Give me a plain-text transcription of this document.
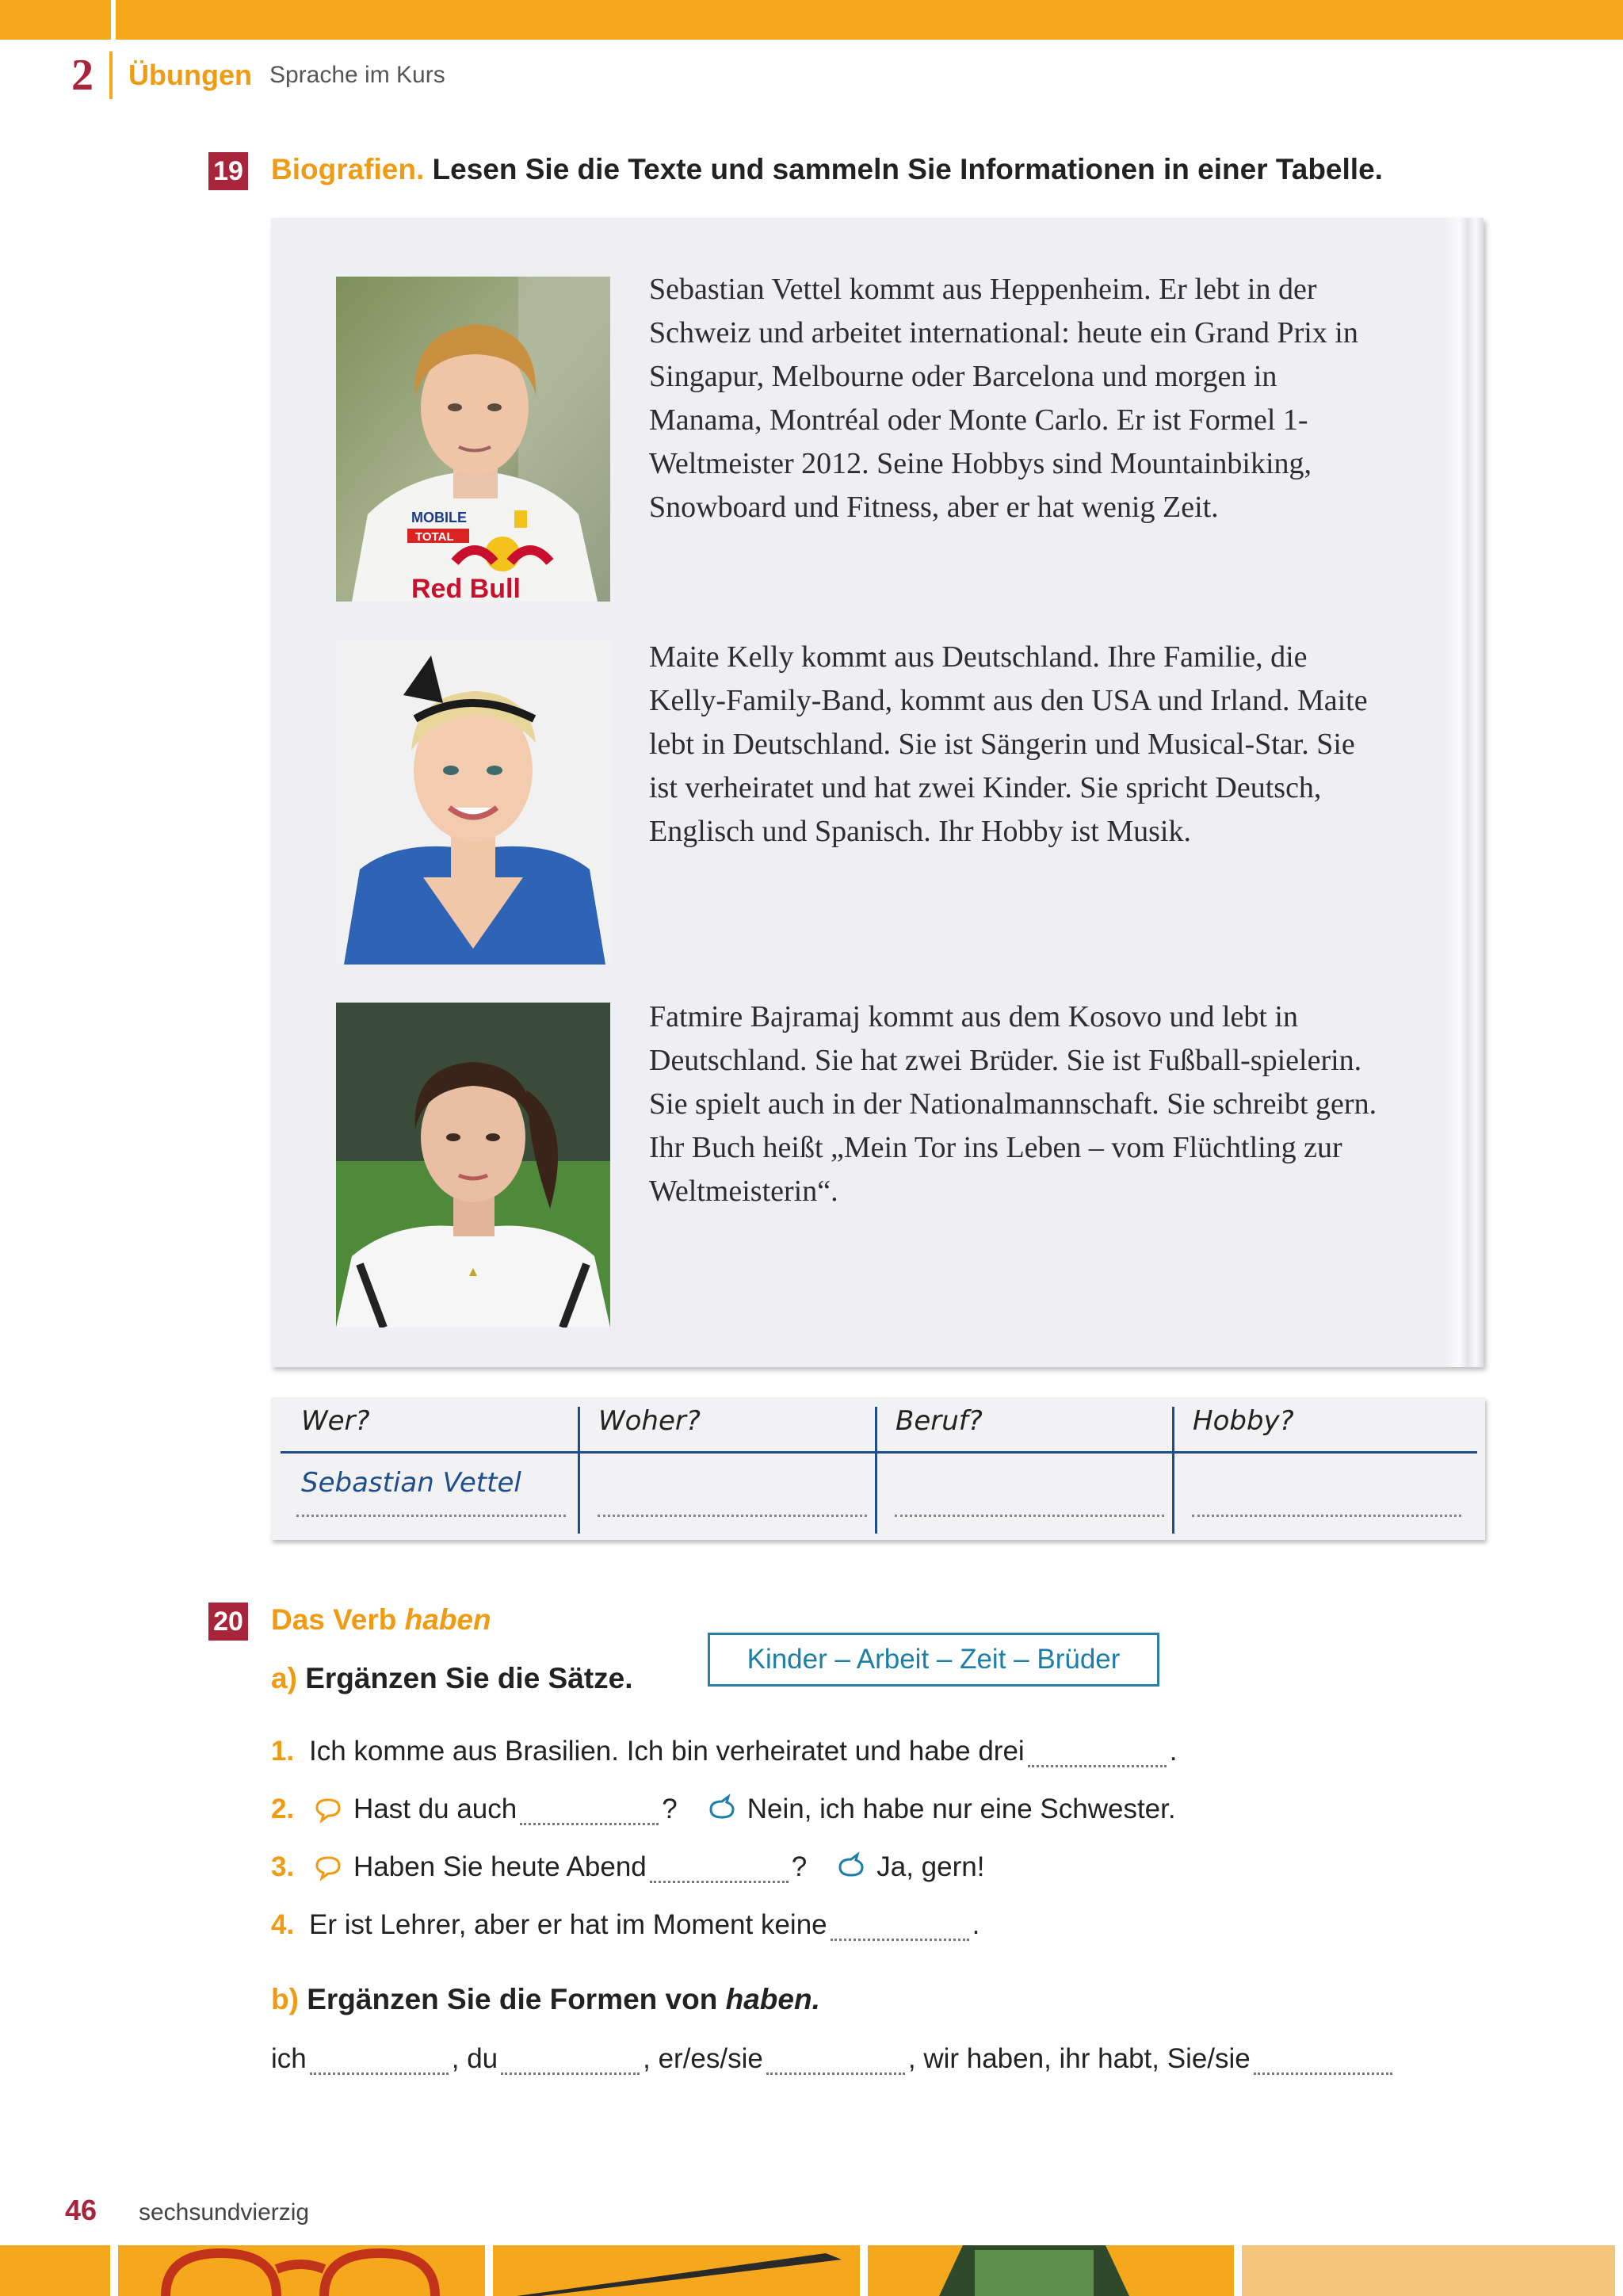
2 Übungen Sprache im Kurs
19 Biografien. Lesen Sie die Texte und sammeln Sie Informationen in einer Tabelle.
MOBILE
TOTAL
Red Bull

Sebastian Vettel kommt aus Heppenheim. Er lebt in der Schweiz und arbeitet international: heute ein Grand Prix in Singapur, Melbourne oder Barcelona und morgen in Manama, Montréal oder Monte Carlo. Er ist Formel 1-Weltmeister 2012. Seine Hobbys sind Mountainbiking, Snowboard und Fitness, aber er hat wenig Zeit.

Maite Kelly kommt aus Deutschland. Ihre Familie, die Kelly-Family-Band, kommt aus den USA und Irland. Maite lebt in Deutschland. Sie ist Sängerin und Musical-Star. Sie ist verheiratet und hat zwei Kinder. Sie spricht Deutsch, Englisch und Spanisch. Ihr Hobby ist Musik.

Fatmire Bajramaj kommt aus dem Kosovo und lebt in Deutschland. Sie hat zwei Brüder. Sie ist Fußball-spielerin. Sie spielt auch in der Nationalmannschaft. Sie schreibt gern. Ihr Buch heißt „Mein Tor ins Leben – vom Flüchtling zur Weltmeisterin“.

Wer?	Woher?	Beruf?	Hobby?
Sebastian Vettel
20 Das Verb haben
a) Ergänzen Sie die Sätze.
Kinder – Arbeit – Zeit – Brüder
1. Ich komme aus Brasilien. Ich bin verheiratet und habe drei	.
2.	Hast du auch	?	Nein, ich habe nur eine Schwester.
3.	Haben Sie heute Abend	?	Ja, gern!
4. Er ist Lehrer, aber er hat im Moment keine	.
b) Ergänzen Sie die Formen von haben.
ich	, du	, er/es/sie	, wir haben, ihr habt, Sie/sie
46 sechsundvierzig
